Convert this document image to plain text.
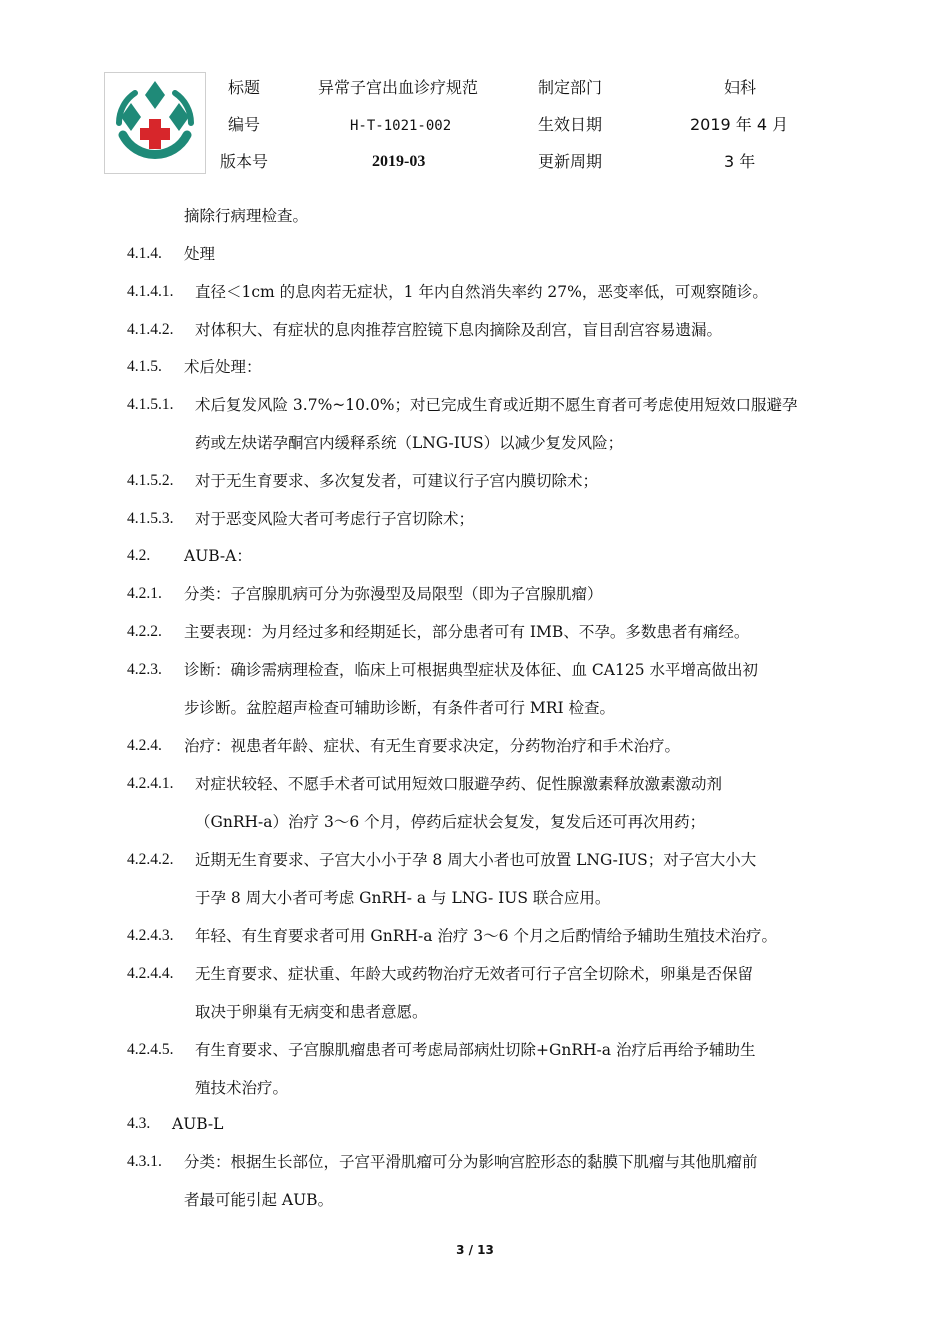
标题	异常子宫出血诊疗规范	制定部门	妇科
编号	H-T-1021-002	生效日期	2019 年 4 月
版本号	2019-03	更新周期	3 年
摘除行病理检查。
4.1.4. 处理
4.1.4.1. 直径＜1cm 的息肉若无症状，1 年内自然消失率约 27%，恶变率低，可观察随诊。
4.1.4.2. 对体积大、有症状的息肉推荐宫腔镜下息肉摘除及刮宫，盲目刮宫容易遗漏。
4.1.5. 术后处理：
4.1.5.1. 术后复发风险 3.7%~10.0%；对已完成生育或近期不愿生育者可考虑使用短效口服避孕
药或左炔诺孕酮宫内缓释系统（LNG-IUS）以减少复发风险；
4.1.5.2. 对于无生育要求、多次复发者，可建议行子宫内膜切除术；
4.1.5.3. 对于恶变风险大者可考虑行子宫切除术；
4.2. AUB-A：
4.2.1. 分类：子宫腺肌病可分为弥漫型及局限型（即为子宫腺肌瘤）
4.2.2. 主要表现：为月经过多和经期延长，部分患者可有 IMB、不孕。多数患者有痛经。
4.2.3. 诊断：确诊需病理检查，临床上可根据典型症状及体征、血 CA125 水平增高做出初
步诊断。盆腔超声检查可辅助诊断，有条件者可行 MRI 检查。
4.2.4. 治疗：视患者年龄、症状、有无生育要求决定，分药物治疗和手术治疗。
4.2.4.1. 对症状较轻、不愿手术者可试用短效口服避孕药、促性腺激素释放激素激动剂
（GnRH-a）治疗 3～6 个月，停药后症状会复发，复发后还可再次用药；
4.2.4.2. 近期无生育要求、子宫大小小于孕 8 周大小者也可放置 LNG-IUS；对子宫大小大
于孕 8 周大小者可考虑 GnRH- a 与 LNG- IUS 联合应用。
4.2.4.3. 年轻、有生育要求者可用 GnRH-a 治疗 3～6 个月之后酌情给予辅助生殖技术治疗。
4.2.4.4. 无生育要求、症状重、年龄大或药物治疗无效者可行子宫全切除术，卵巢是否保留
取决于卵巢有无病变和患者意愿。
4.2.4.5. 有生育要求、子宫腺肌瘤患者可考虑局部病灶切除+GnRH-a 治疗后再给予辅助生
殖技术治疗。
4.3. AUB-L
4.3.1. 分类：根据生长部位，子宫平滑肌瘤可分为影响宫腔形态的黏膜下肌瘤与其他肌瘤前
者最可能引起 AUB。
3 / 13
